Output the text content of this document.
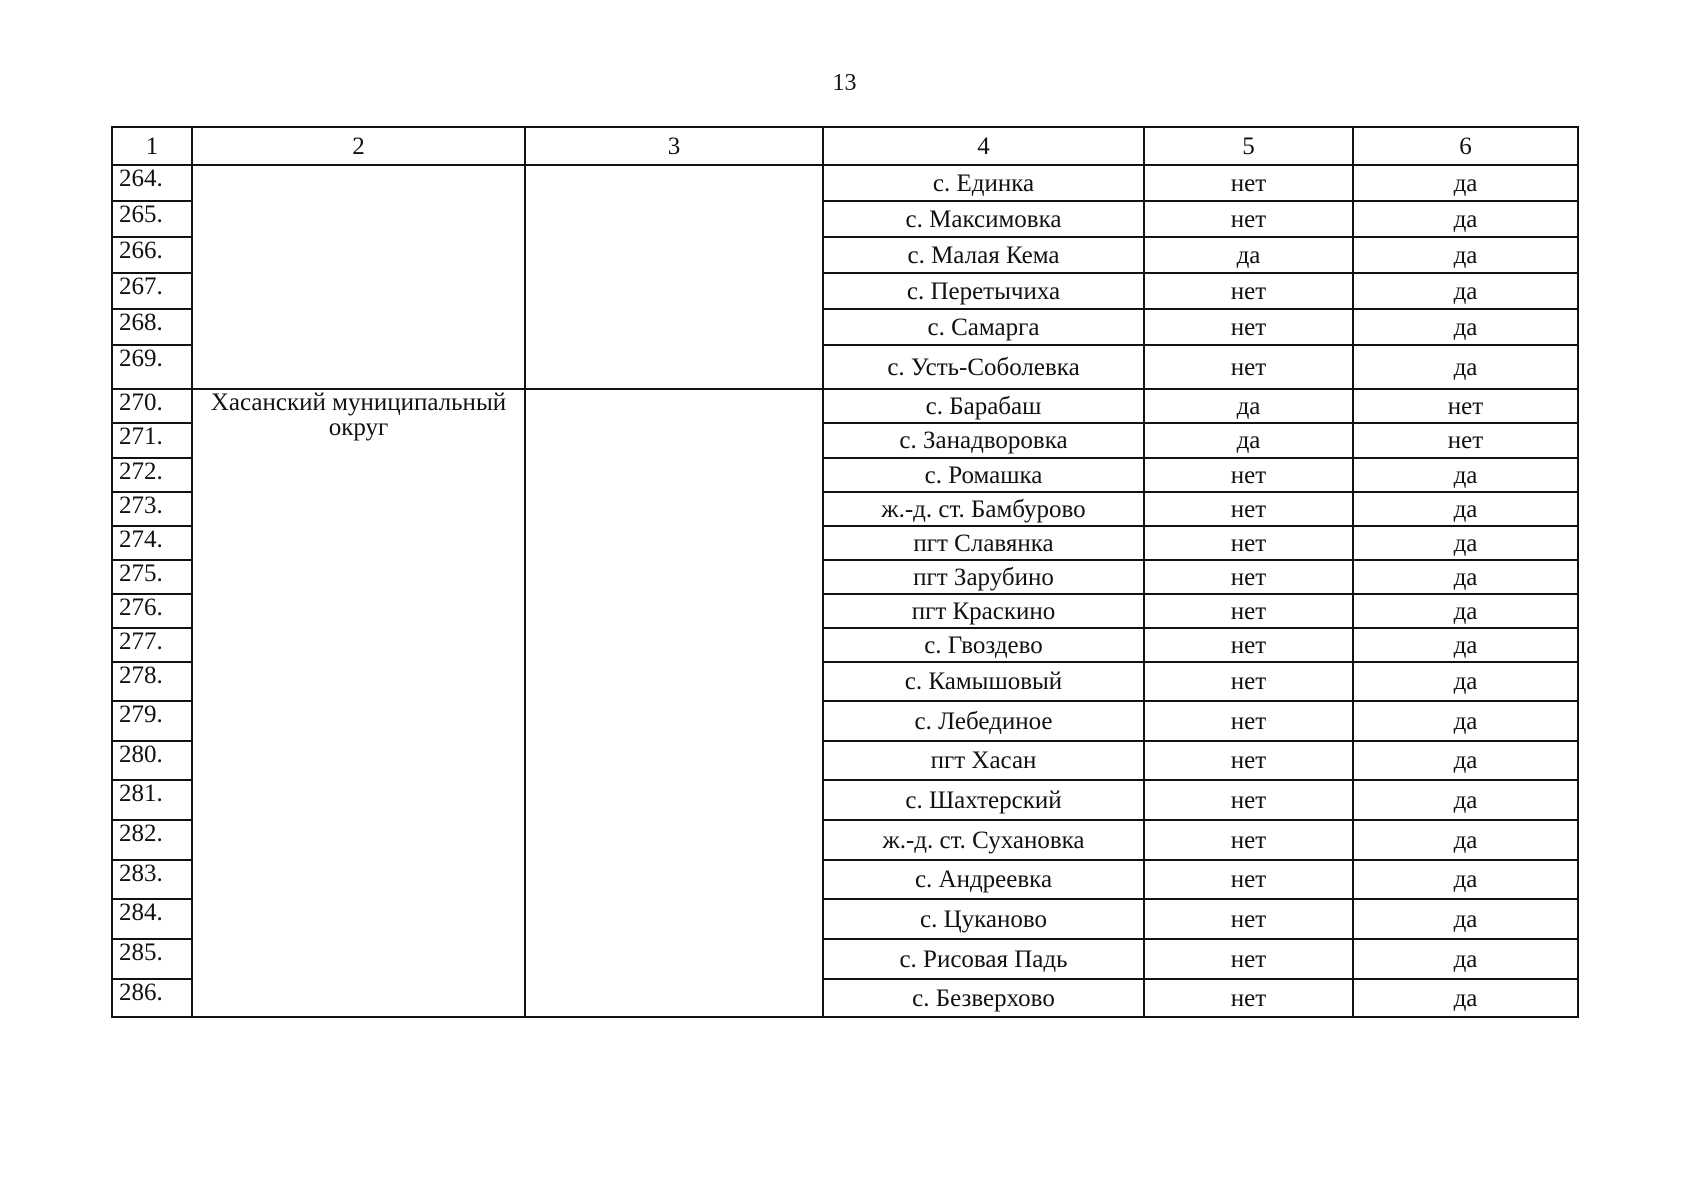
13
1	2	3	4	5	6
264.			с. Единка	нет	да
265.			с. Максимовка	нет	да
266.			с. Малая Кема	да	да
267.			с. Перетычиха	нет	да
268.			с. Самарга	нет	да
269.			с. Усть-Соболевка	нет	да
270.	Хасанский муниципальный округ		с. Барабаш	да	нет
271.			с. Занадворовка	да	нет
272.			с. Ромашка	нет	да
273.			ж.-д. ст. Бамбурово	нет	да
274.			пгт Славянка	нет	да
275.			пгт Зарубино	нет	да
276.			пгт Краскино	нет	да
277.			с. Гвоздево	нет	да
278.			с. Камышовый	нет	да
279.			с. Лебединое	нет	да
280.			пгт Хасан	нет	да
281.			с. Шахтерский	нет	да
282.			ж.-д. ст. Сухановка	нет	да
283.			с. Андреевка	нет	да
284.			с. Цуканово	нет	да
285.			с. Рисовая Падь	нет	да
286.			с. Безверхово	нет	да
